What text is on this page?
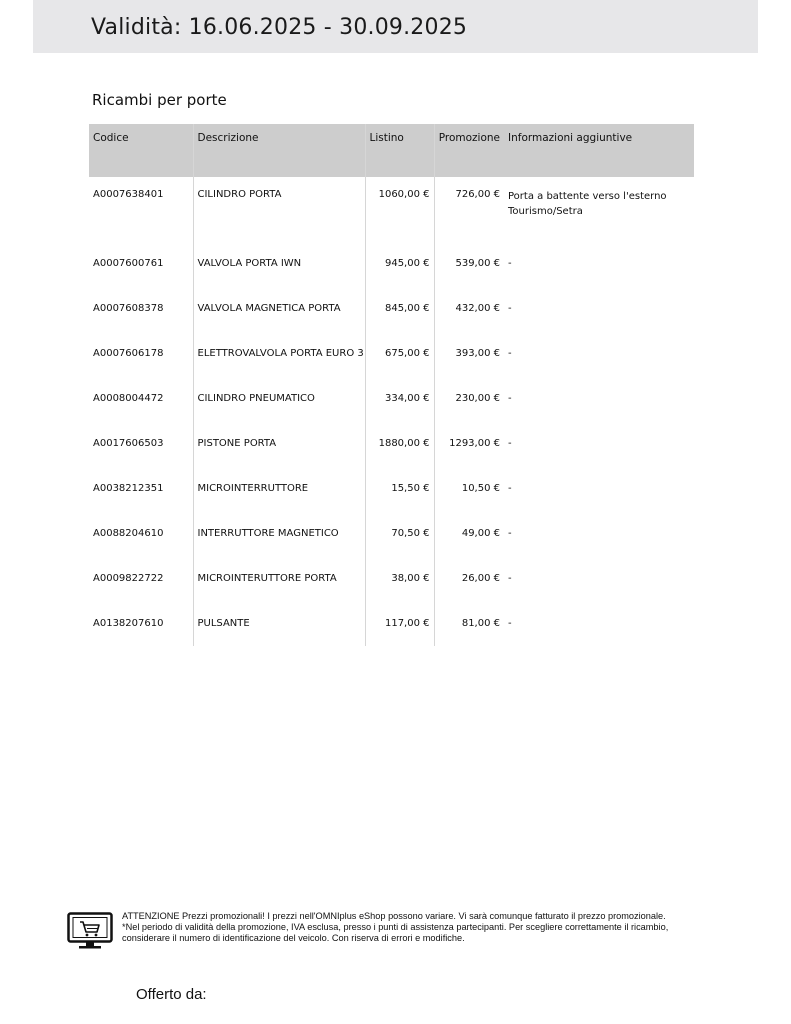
Validità: 16.06.2025 - 30.09.2025
Ricambi per porte
Codice	Descrizione	Listino	Promozione	Informazioni aggiuntive
A0007638401	CILINDRO PORTA	1060,00 €	726,00 €	Porta a battente verso l'esterno Tourismo/Setra
A0007600761	VALVOLA PORTA IWN	945,00 €	539,00 €	-
A0007608378	VALVOLA MAGNETICA PORTA	845,00 €	432,00 €	-
A0007606178	ELETTROVALVOLA PORTA EURO 3	675,00 €	393,00 €	-
A0008004472	CILINDRO PNEUMATICO	334,00 €	230,00 €	-
A0017606503	PISTONE PORTA	1880,00 €	1293,00 €	-
A0038212351	MICROINTERRUTTORE	15,50 €	10,50 €	-
A0088204610	INTERRUTTORE MAGNETICO	70,50 €	49,00 €	-
A0009822722	MICROINTERUTTORE PORTA	38,00 €	26,00 €	-
A0138207610	PULSANTE	117,00 €	81,00 €	-

ATTENZIONE Prezzi promozionali! I prezzi nell'OMNIplus eShop possono variare. Vi sarà comunque fatturato il prezzo promozionale.

*Nel periodo di validità della promozione, IVA esclusa, presso i punti di assistenza partecipanti. Per scegliere correttamente il ricambio, considerare il numero di identificazione del veicolo. Con riserva di errori e modifiche.

Offerto da:
